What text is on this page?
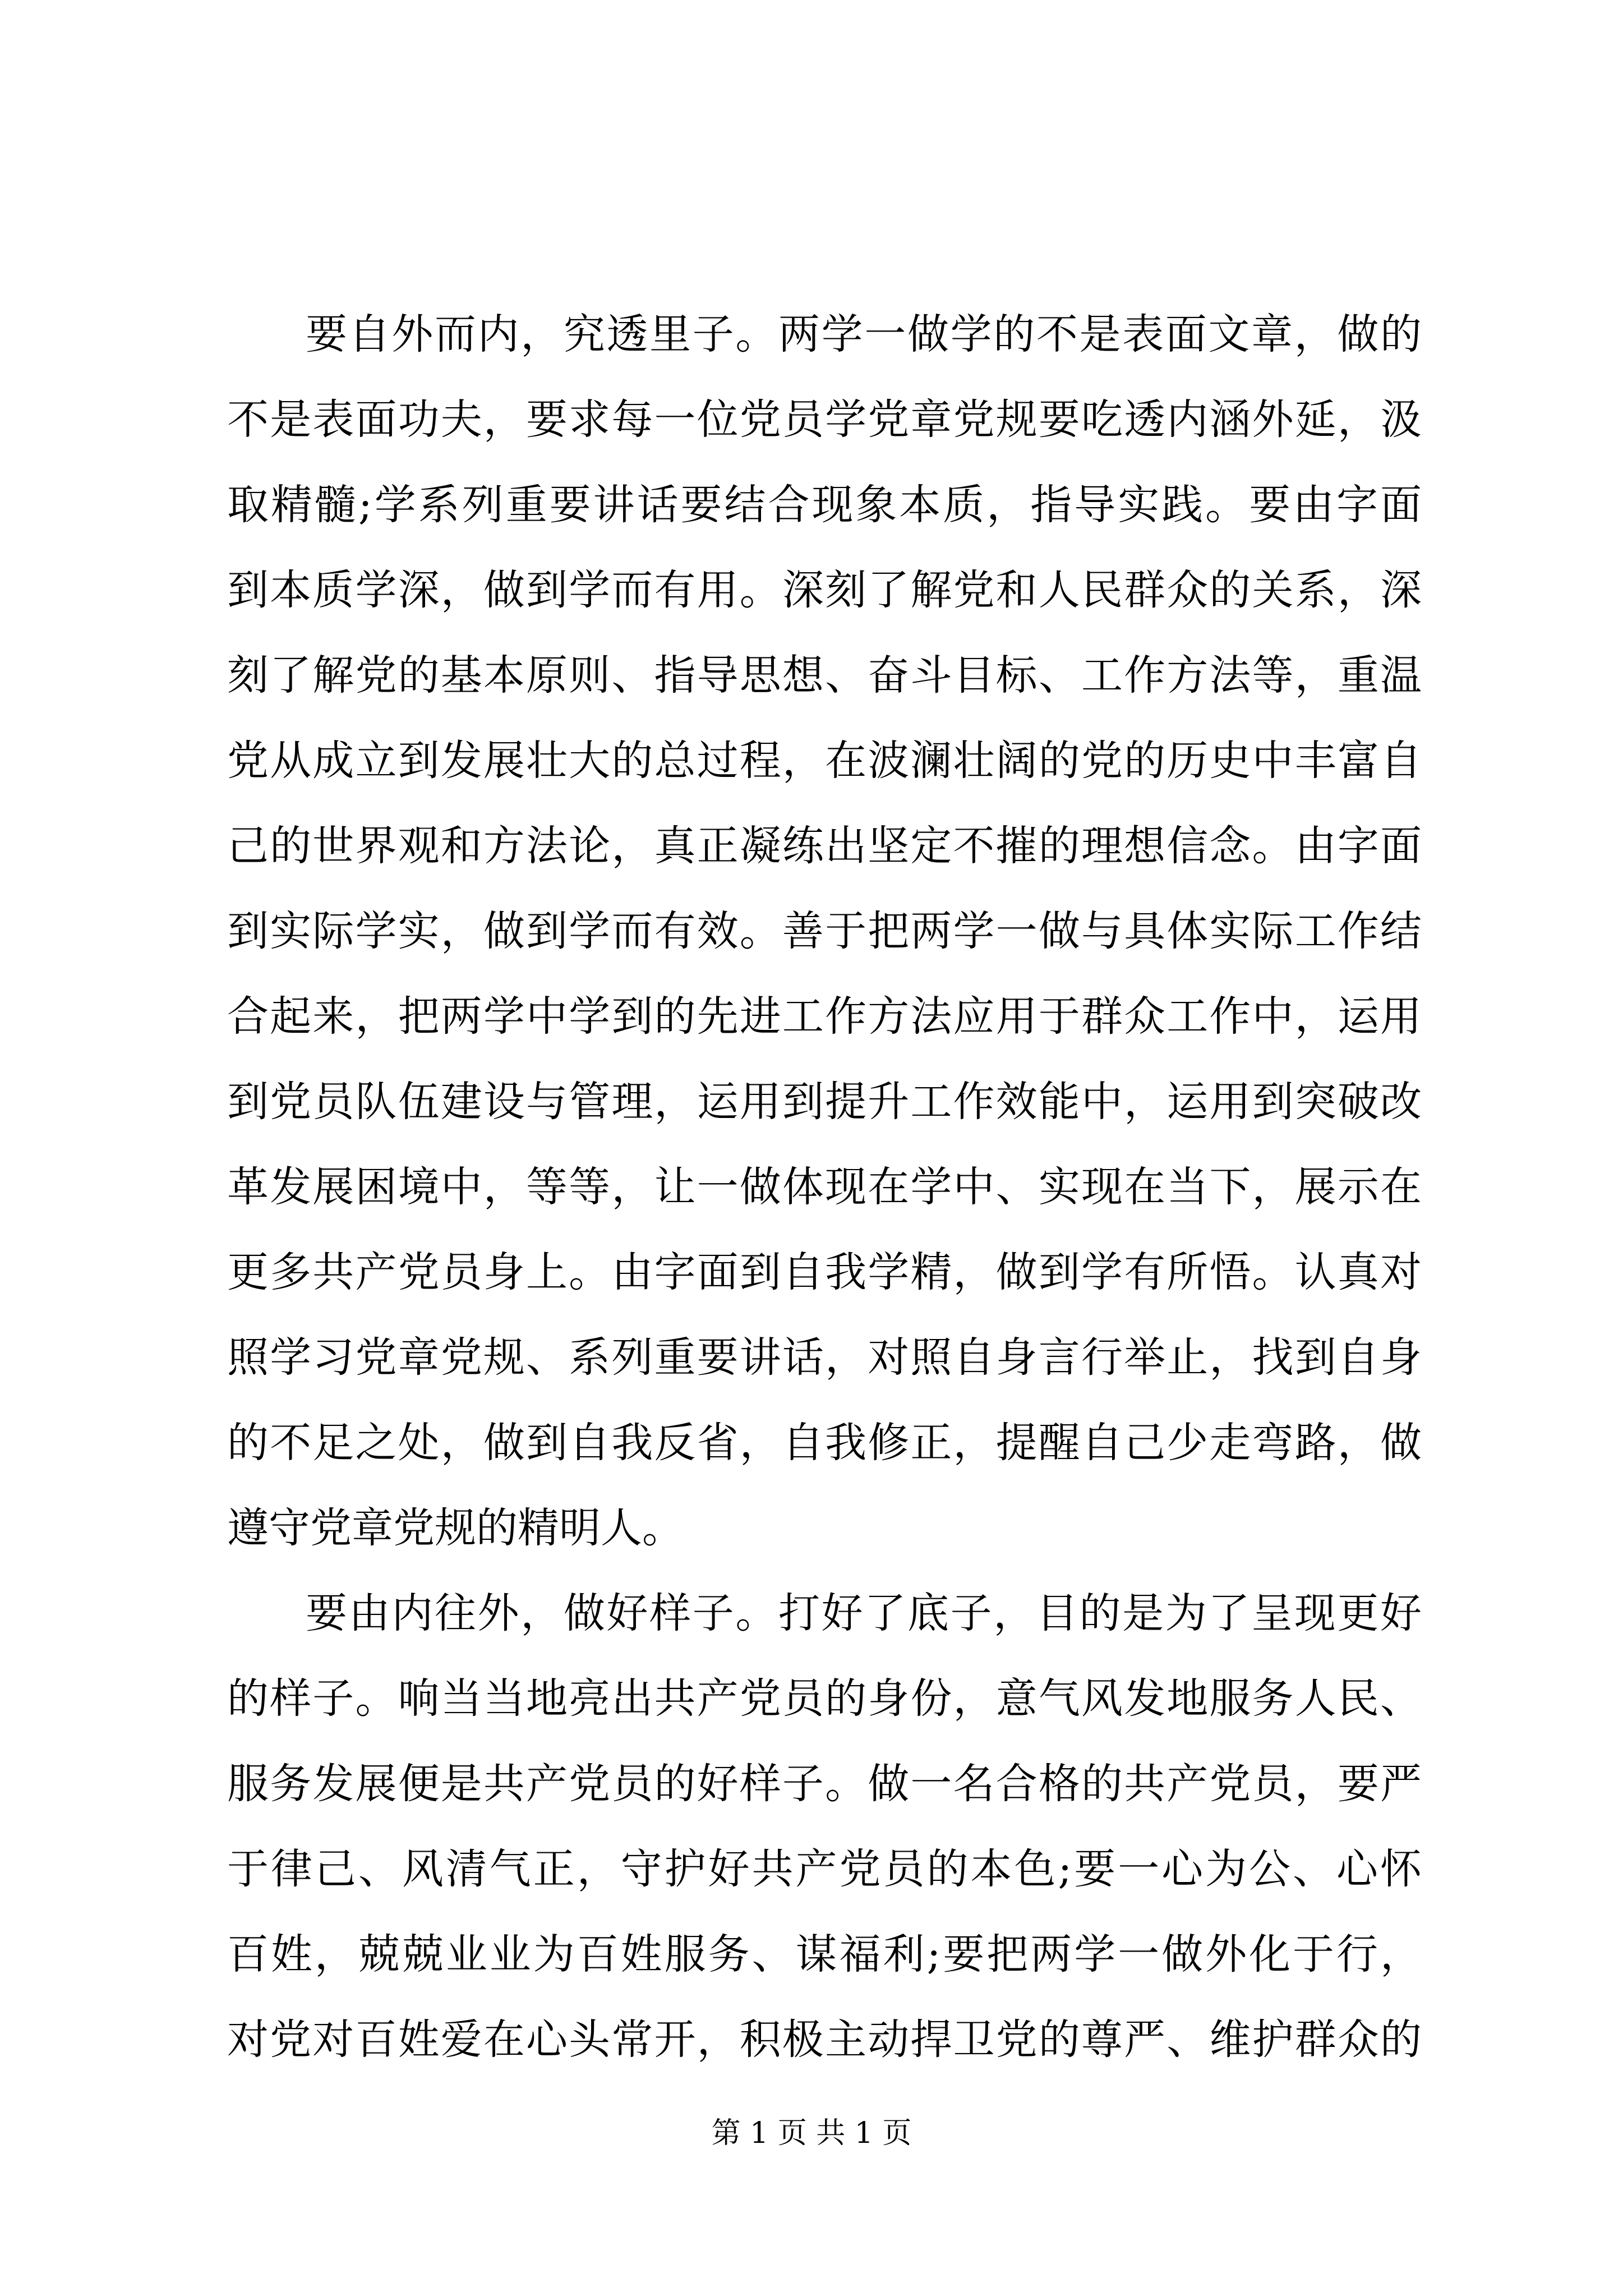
要自外而内，究透里子。两学一做学的不是表面文章，做的
不是表面功夫，要求每一位党员学党章党规要吃透内涵外延，汲
取精髓;学系列重要讲话要结合现象本质，指导实践。要由字面
到本质学深，做到学而有用。深刻了解党和人民群众的关系，深
刻了解党的基本原则、指导思想、奋斗目标、工作方法等，重温
党从成立到发展壮大的总过程，在波澜壮阔的党的历史中丰富自
己的世界观和方法论，真正凝练出坚定不摧的理想信念。由字面
到实际学实，做到学而有效。善于把两学一做与具体实际工作结
合起来，把两学中学到的先进工作方法应用于群众工作中，运用
到党员队伍建设与管理，运用到提升工作效能中，运用到突破改
革发展困境中，等等，让一做体现在学中、实现在当下，展示在
更多共产党员身上。由字面到自我学精，做到学有所悟。认真对
照学习党章党规、系列重要讲话，对照自身言行举止，找到自身
的不足之处，做到自我反省，自我修正，提醒自己少走弯路，做
遵守党章党规的精明人。
要由内往外，做好样子。打好了底子，目的是为了呈现更好
的样子。响当当地亮出共产党员的身份，意气风发地服务人民、
服务发展便是共产党员的好样子。做一名合格的共产党员，要严
于律己、风清气正，守护好共产党员的本色;要一心为公、心怀
百姓，兢兢业业为百姓服务、谋福利;要把两学一做外化于行，
对党对百姓爱在心头常开，积极主动捍卫党的尊严、维护群众的
第 1 页 共 1 页
